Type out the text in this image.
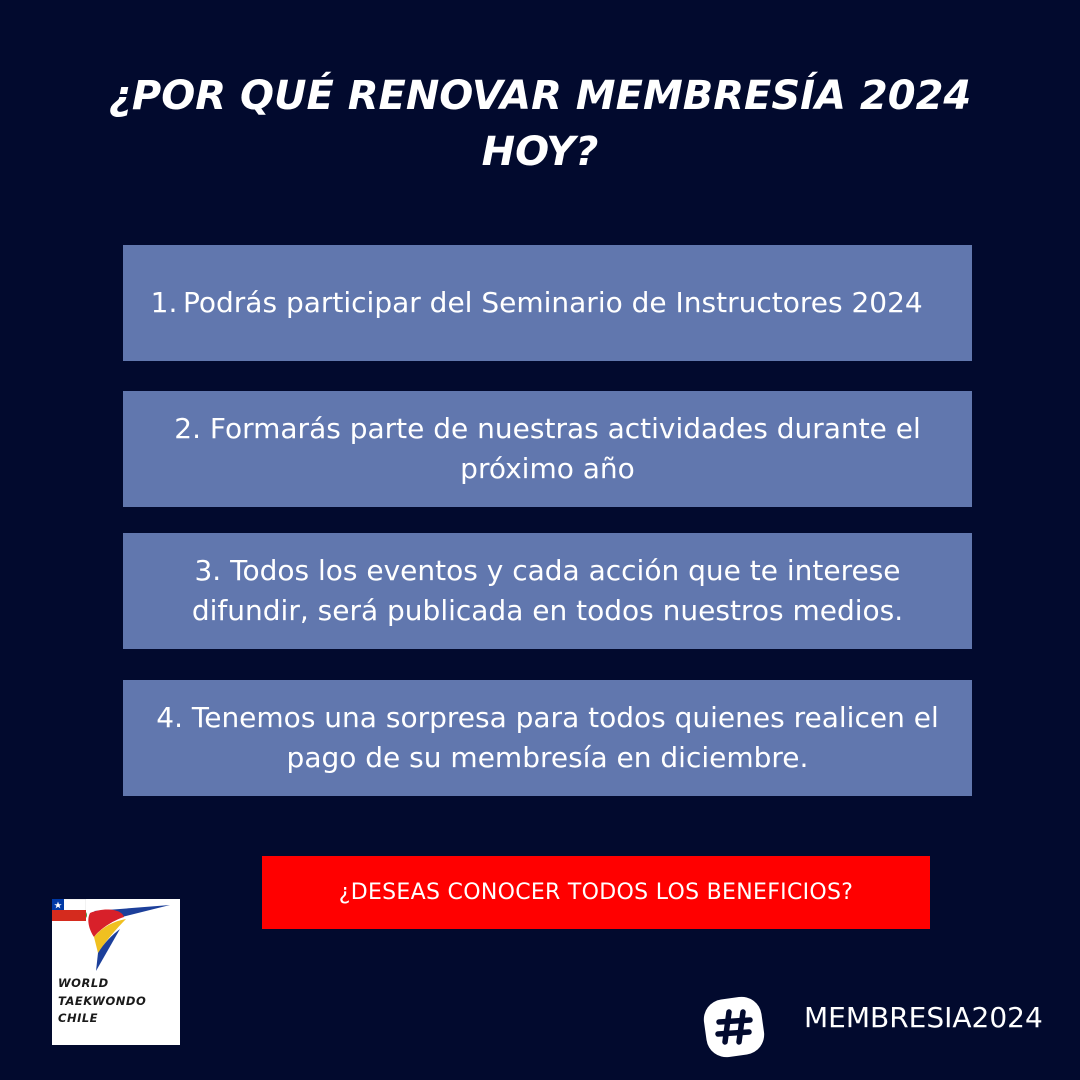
¿POR QUÉ RENOVAR MEMBRESÍA 2024
HOY?
1. Podrás participar del Seminario de Instructores 2024
2. Formarás parte de nuestras actividades durante el
próximo año
3. Todos los eventos y cada acción que te interese
difundir, será publicada en todos nuestros medios.
4. Tenemos una sorpresa para todos quienes realicen el
pago de su membresía en diciembre.
¿DESEAS CONOCER TODOS LOS BENEFICIOS?
WORLD
TAEKWONDO
CHILE	MEMBRESIA2024
